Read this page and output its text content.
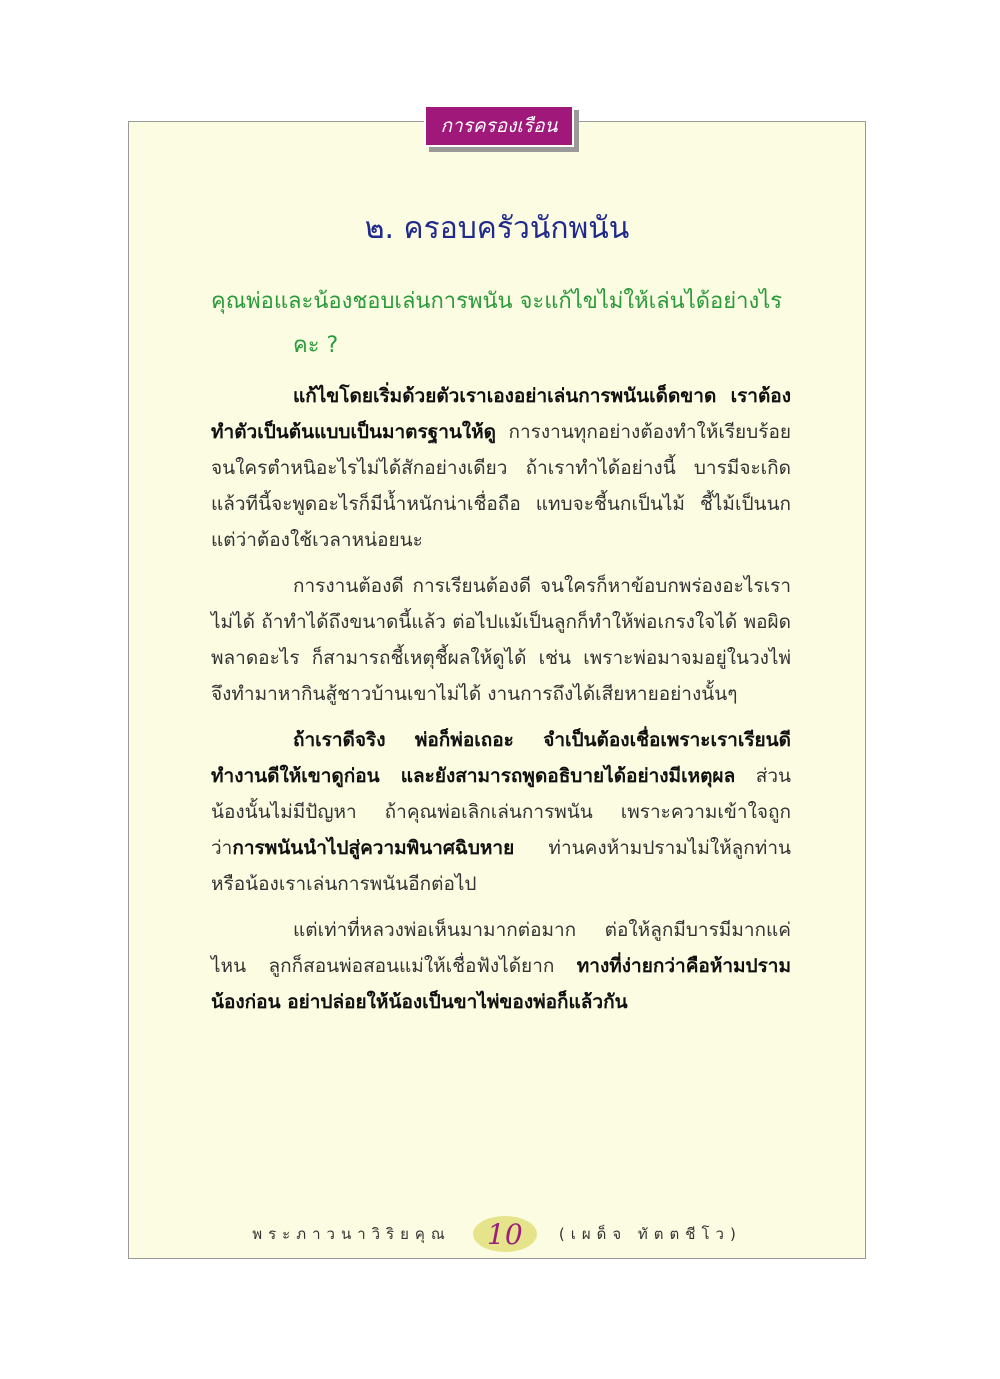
การครองเรือน
๒. ครอบครัวนักพนัน
คุณพ่อและน้องชอบเล่นการพนัน จะแก้ไขไม่ให้เล่นได้อย่างไร
คะ ?

แก้ไขโดยเริ่มด้วยตัวเราเองอย่าเล่นการพนันเด็ดขาด เราต้องทำตัวเป็นต้นแบบเป็นมาตรฐานให้ดู การงานทุกอย่างต้องทำให้เรียบร้อย จนใครตำหนิอะไรไม่ได้สักอย่างเดียว ถ้าเราทำได้อย่างนี้ บารมีจะเกิด แล้วทีนี้จะพูดอะไรก็มีน้ำหนักน่าเชื่อถือ แทบจะชี้นกเป็นไม้ ชี้ไม้เป็นนก แต่ว่าต้องใช้เวลาหน่อยนะ

การงานต้องดี การเรียนต้องดี จนใครก็หาข้อบกพร่องอะไรเราไม่ได้ ถ้าทำได้ถึงขนาดนี้แล้ว ต่อไปแม้เป็นลูกก็ทำให้พ่อเกรงใจได้ พอผิดพลาดอะไร ก็สามารถชี้เหตุชี้ผลให้ดูได้ เช่น เพราะพ่อมาจมอยู่ในวงไพ่ จึงทำมาหากินสู้ชาวบ้านเขาไม่ได้ งานการถึงได้เสียหายอย่างนั้นๆ

ถ้าเราดีจริง พ่อก็พ่อเถอะ จำเป็นต้องเชื่อเพราะเราเรียนดี ทำงานดีให้เขาดูก่อน และยังสามารถพูดอธิบายได้อย่างมีเหตุผล ส่วนน้องนั้นไม่มีปัญหา ถ้าคุณพ่อเลิกเล่นการพนัน เพราะความเข้าใจถูกว่าการพนันนำไปสู่ความพินาศฉิบหาย ท่านคงห้ามปรามไม่ให้ลูกท่าน หรือน้องเราเล่นการพนันอีกต่อไป

แต่เท่าที่หลวงพ่อเห็นมามากต่อมาก ต่อให้ลูกมีบารมีมากแค่ไหน ลูกก็สอนพ่อสอนแม่ให้เชื่อฟังได้ยาก ทางที่ง่ายกว่าคือห้ามปรามน้องก่อน อย่าปล่อยให้น้องเป็นขาไพ่ของพ่อก็แล้วกัน

พระภาวนาวิริยคุณ	10	(เผด็จ ทัตตชีโว)
